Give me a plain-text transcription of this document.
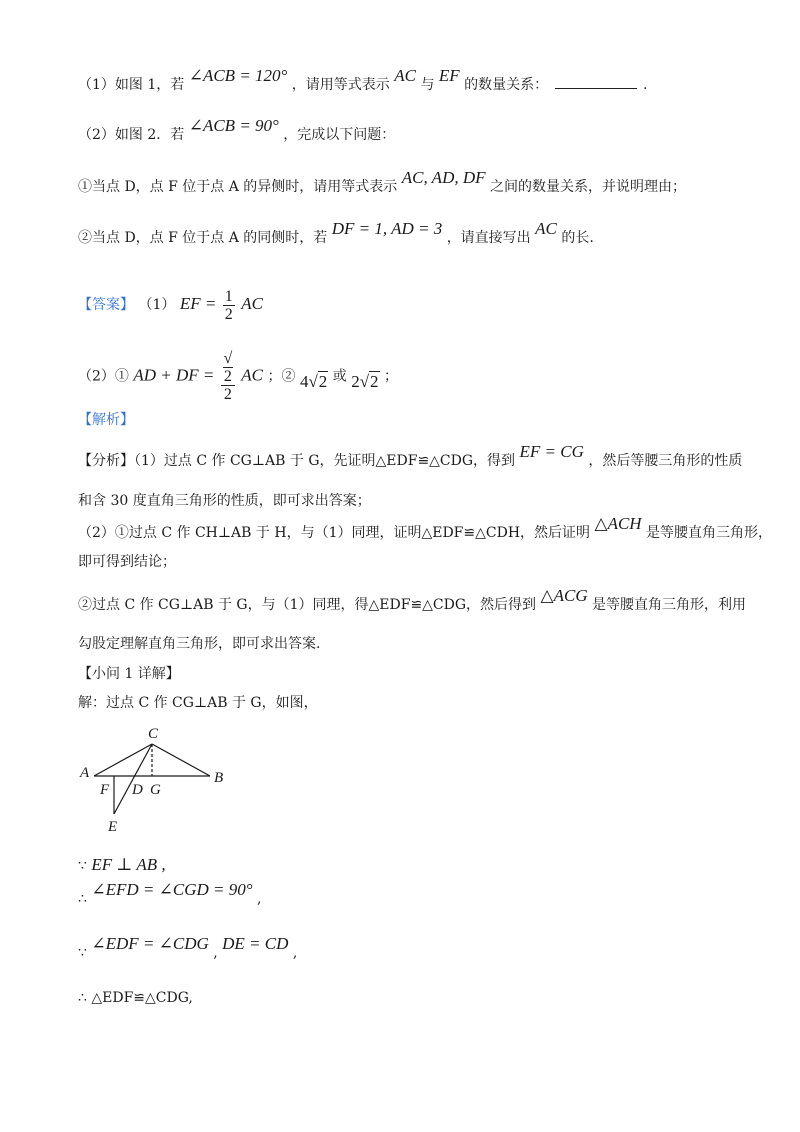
（1）如图 1，若 ∠ACB = 120° ，请用等式表示 AC 与 EF 的数量关系：	.
（2）如图 2．若 ∠ACB = 90° ，完成以下问题：
①当点 D，点 F 位于点 A 的异侧时，请用等式表示 AC, AD, DF 之间的数量关系，并说明理由；
②当点 D，点 F 位于点 A 的同侧时，若 DF = 1, AD = 3 ，请直接写出 AC 的长.
【答案】 （1） EF = $\frac{1}{2}$ AC
（2）① AD + DF = √
2
2 AC ；② 4√2 或 2√2 ；
【解析】
【分析】（1）过点 C 作 CG⊥AB 于 G，先证明△EDF≌△CDG，得到 EF = CG ，然后等腰三角形的性质
和含 30 度直角三角形的性质，即可求出答案；
（2）①过点 C 作 CH⊥AB 于 H，与（1）同理，证明△EDF≌△CDH，然后证明 △ACH 是等腰直角三角形，
即可得到结论；
②过点 C 作 CG⊥AB 于 G，与（1）同理，得△EDF≌△CDG，然后得到 △ACG 是等腰直角三角形，利用
勾股定理解直角三角形，即可求出答案.
【小问 1 详解】
解：过点 C 作 CG⊥AB 于 G，如图，
C
A	B
F D G
E
∵ EF ⊥ AB ,
∴ ∠EFD = ∠CGD = 90° ,
∵ ∠EDF = ∠CDG , DE = CD ,
∴ △EDF≌△CDG,
